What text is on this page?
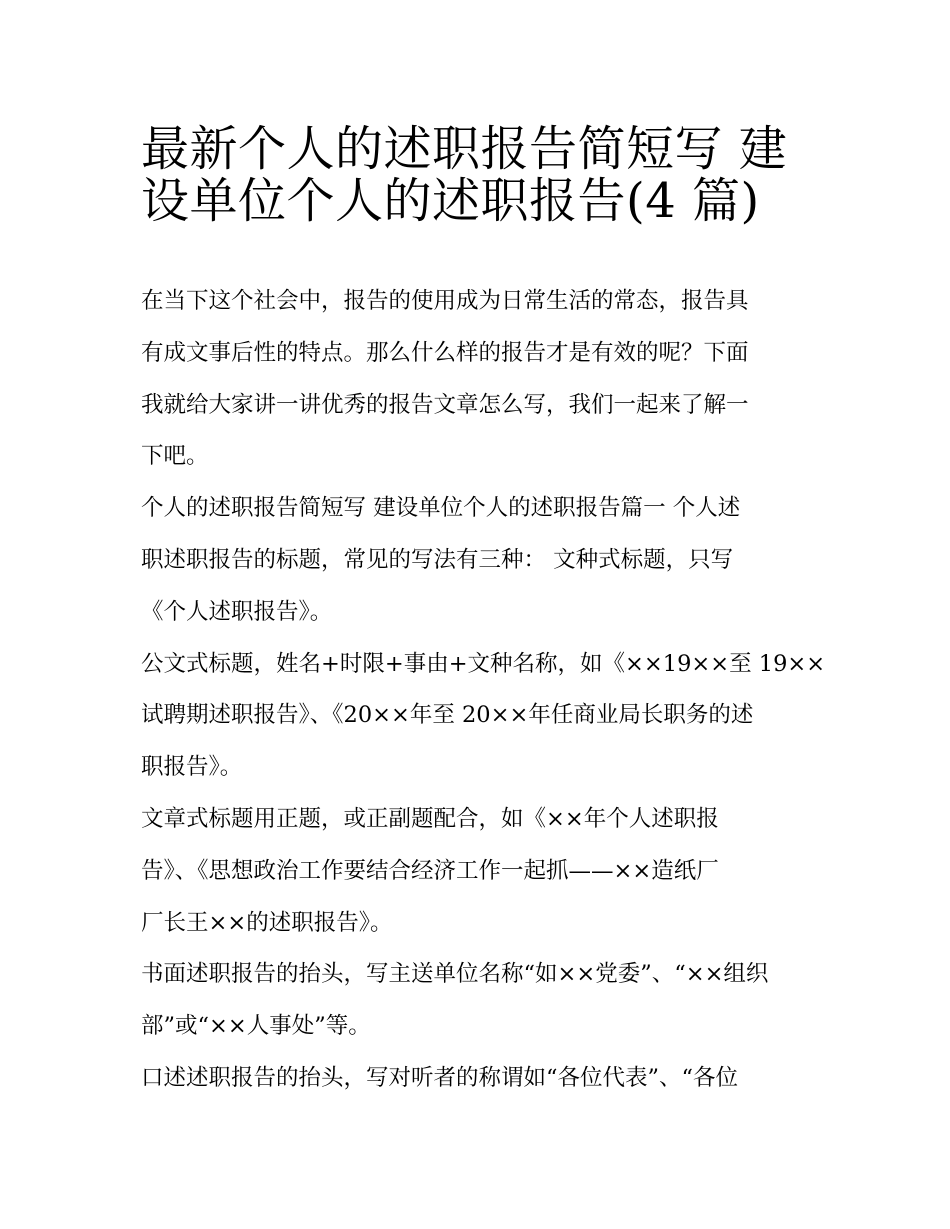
最新个人的述职报告简短写 建
设单位个人的述职报告(4 篇)
在当下这个社会中，报告的使用成为日常生活的常态，报告具
有成文事后性的特点。那么什么样的报告才是有效的呢？下面
我就给大家讲一讲优秀的报告文章怎么写，我们一起来了解一
下吧。
个人的述职报告简短写 建设单位个人的述职报告篇一 个人述
职述职报告的标题，常见的写法有三种： 文种式标题，只写
《个人述职报告》。
公文式标题，姓名+时限+事由+文种名称，如《××19××至 19××
试聘期述职报告》、《20××年至 20××年任商业局长职务的述
职报告》。
文章式标题用正题，或正副题配合，如《××年个人述职报
告》、《思想政治工作要结合经济工作一起抓——××造纸厂
厂长王××的述职报告》。
书面述职报告的抬头，写主送单位名称“如××党委”、“××组织
部”或“××人事处”等。
口述述职报告的抬头，写对听者的称谓如“各位代表”、“各位
